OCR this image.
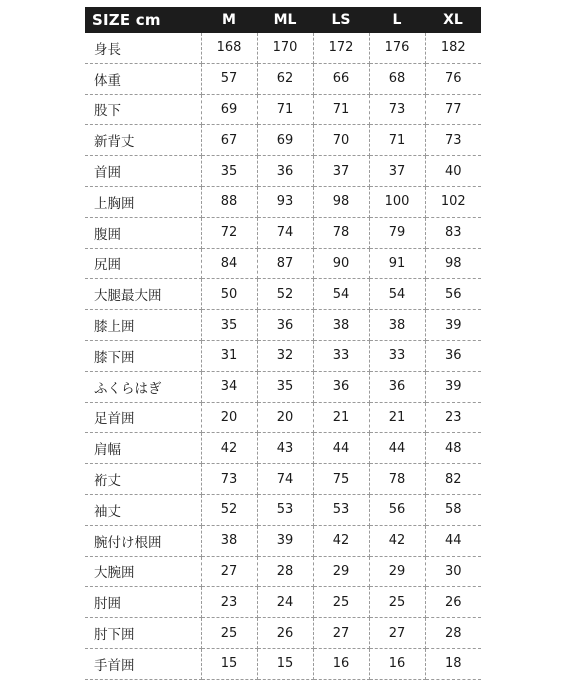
SIZE cm	M	ML	LS	L	XL
身長	168	170	172	176	182
体重	57	62	66	68	76
股下	69	71	71	73	77
新背丈	67	69	70	71	73
首囲	35	36	37	37	40
上胸囲	88	93	98	100	102
腹囲	72	74	78	79	83
尻囲	84	87	90	91	98
大腿最大囲	50	52	54	54	56
膝上囲	35	36	38	38	39
膝下囲	31	32	33	33	36
ふくらはぎ	34	35	36	36	39
足首囲	20	20	21	21	23
肩幅	42	43	44	44	48
裄丈	73	74	75	78	82
袖丈	52	53	53	56	58
腕付け根囲	38	39	42	42	44
大腕囲	27	28	29	29	30
肘囲	23	24	25	25	26
肘下囲	25	26	27	27	28
手首囲	15	15	16	16	18
